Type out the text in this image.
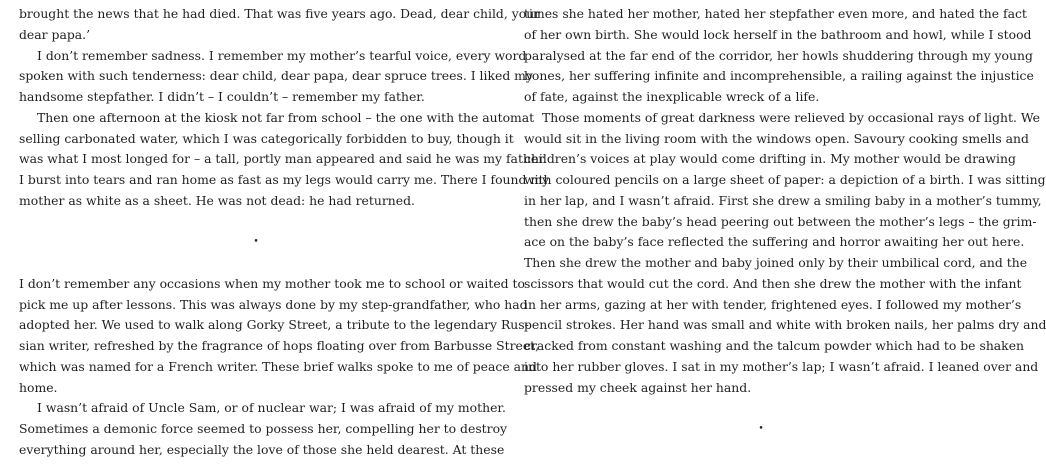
brought the news that he had died. That was five years ago. Dead, dear child, your
dear papa.’
I don’t remember sadness. I remember my mother’s tearful voice, every word
spoken with such tenderness: dear child, dear papa, dear spruce trees. I liked my
handsome stepfather. I didn’t – I couldn’t – remember my father.
Then one afternoon at the kiosk not far from school – the one with the automat
selling carbonated water, which I was categorically forbidden to buy, though it
was what I most longed for – a tall, portly man appeared and said he was my father.
I burst into tears and ran home as fast as my legs would carry me. There I found my
mother as white as a sheet. He was not dead: he had returned.
•
I don’t remember any occasions when my mother took me to school or waited to
pick me up after lessons. This was always done by my step-grandfather, who had
adopted her. We used to walk along Gorky Street, a tribute to the legendary Rus-
sian writer, refreshed by the fragrance of hops floating over from Barbusse Street,
which was named for a French writer. These brief walks spoke to me of peace and
home.
I wasn’t afraid of Uncle Sam, or of nuclear war; I was afraid of my mother.
Sometimes a demonic force seemed to possess her, compelling her to destroy
everything around her, especially the love of those she held dearest. At these
times she hated her mother, hated her stepfather even more, and hated the fact
of her own birth. She would lock herself in the bathroom and howl, while I stood
paralysed at the far end of the corridor, her howls shuddering through my young
bones, her suffering infinite and incomprehensible, a railing against the injustice
of fate, against the inexplicable wreck of a life.
Those moments of great darkness were relieved by occasional rays of light. We
would sit in the living room with the windows open. Savoury cooking smells and
children’s voices at play would come drifting in. My mother would be drawing
with coloured pencils on a large sheet of paper: a depiction of a birth. I was sitting
in her lap, and I wasn’t afraid. First she drew a smiling baby in a mother’s tummy,
then she drew the baby’s head peering out between the mother’s legs – the grim-
ace on the baby’s face reflected the suffering and horror awaiting her out here.
Then she drew the mother and baby joined only by their umbilical cord, and the
scissors that would cut the cord. And then she drew the mother with the infant
in her arms, gazing at her with tender, frightened eyes. I followed my mother’s
pencil strokes. Her hand was small and white with broken nails, her palms dry and
cracked from constant washing and the talcum powder which had to be shaken
into her rubber gloves. I sat in my mother’s lap; I wasn’t afraid. I leaned over and
pressed my cheek against her hand.
•
